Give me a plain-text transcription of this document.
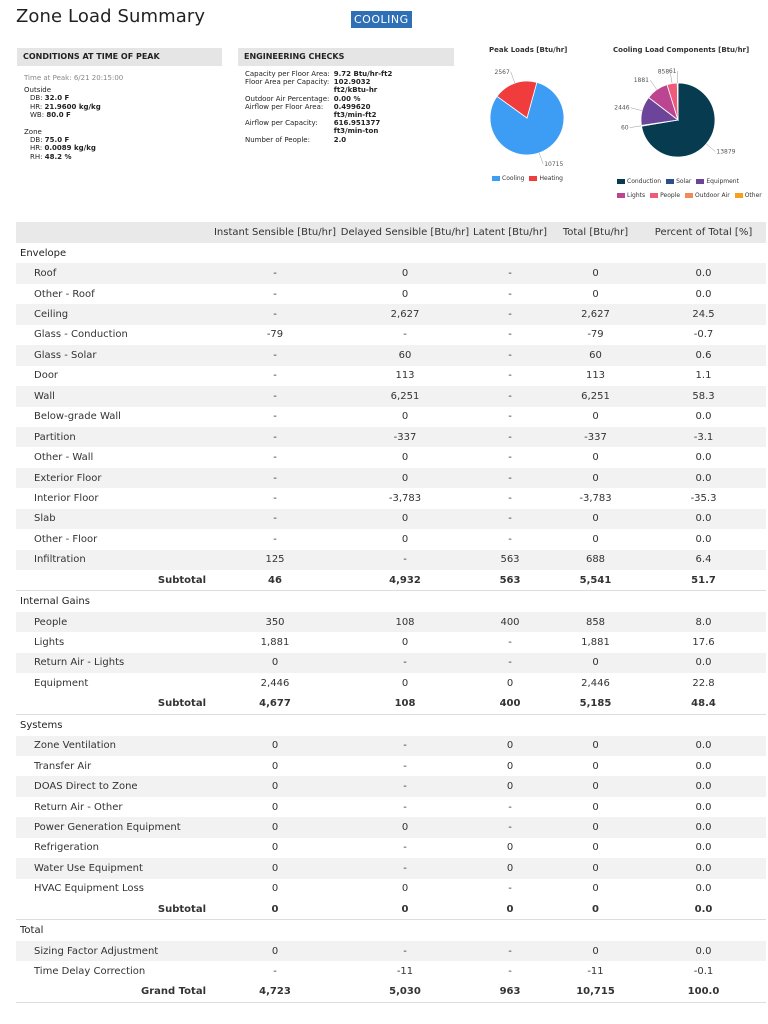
Zone Load Summary	COOLING
CONDITIONS AT TIME OF PEAK	ENGINEERING CHECKS
Time at Peak: 6/21 20:15:00
Outside
DB: 32.0 F
HR: 21.9600 kg/kg
WB: 80.0 F
Zone
DB: 75.0 F
HR: 0.0089 kg/kg
RH: 48.2 %
Capacity per Floor Area:	9.72 Btu/hr-ft2
Floor Area per Capacity:	102.9032
	ft2/kBtu-hr
Outdoor Air Percentage:	0.00 %
Airflow per Floor Area:	0.499620
	ft3/min-ft2
Airflow per Capacity:	616.951377
	ft3/min-ton
Number of People:	2.0
Peak Loads [Btu/hr]
10715
2567
Cooling	Heating
Cooling Load Components [Btu/hr]
13879
60
2446
1881
858 61
Conduction	Solar	EquipmentLights	People	Outdoor Air	Other
	Instant Sensible [Btu/hr]	Delayed Sensible [Btu/hr]	Latent [Btu/hr]	Total [Btu/hr]	Percent of Total [%]
Envelope					
Roof	-	0	-	0	0.0
Other - Roof	-	0	-	0	0.0
Ceiling	-	2,627	-	2,627	24.5
Glass - Conduction	-79	-	-	-79	-0.7
Glass - Solar	-	60	-	60	0.6
Door	-	113	-	113	1.1
Wall	-	6,251	-	6,251	58.3
Below-grade Wall	-	0	-	0	0.0
Partition	-	-337	-	-337	-3.1
Other - Wall	-	0	-	0	0.0
Exterior Floor	-	0	-	0	0.0
Interior Floor	-	-3,783	-	-3,783	-35.3
Slab	-	0	-	0	0.0
Other - Floor	-	0	-	0	0.0
Infiltration	125	-	563	688	6.4
Subtotal	46	4,932	563	5,541	51.7
Internal Gains					
People	350	108	400	858	8.0
Lights	1,881	0	-	1,881	17.6
Return Air - Lights	0	-	-	0	0.0
Equipment	2,446	0	0	2,446	22.8
Subtotal	4,677	108	400	5,185	48.4
Systems					
Zone Ventilation	0	-	0	0	0.0
Transfer Air	0	-	0	0	0.0
DOAS Direct to Zone	0	-	0	0	0.0
Return Air - Other	0	-	-	0	0.0
Power Generation Equipment	0	0	-	0	0.0
Refrigeration	0	-	0	0	0.0
Water Use Equipment	0	-	0	0	0.0
HVAC Equipment Loss	0	0	-	0	0.0
Subtotal	0	0	0	0	0.0
Total					
Sizing Factor Adjustment	0	-	-	0	0.0
Time Delay Correction	-	-11	-	-11	-0.1
Grand Total	4,723	5,030	963	10,715	100.0
